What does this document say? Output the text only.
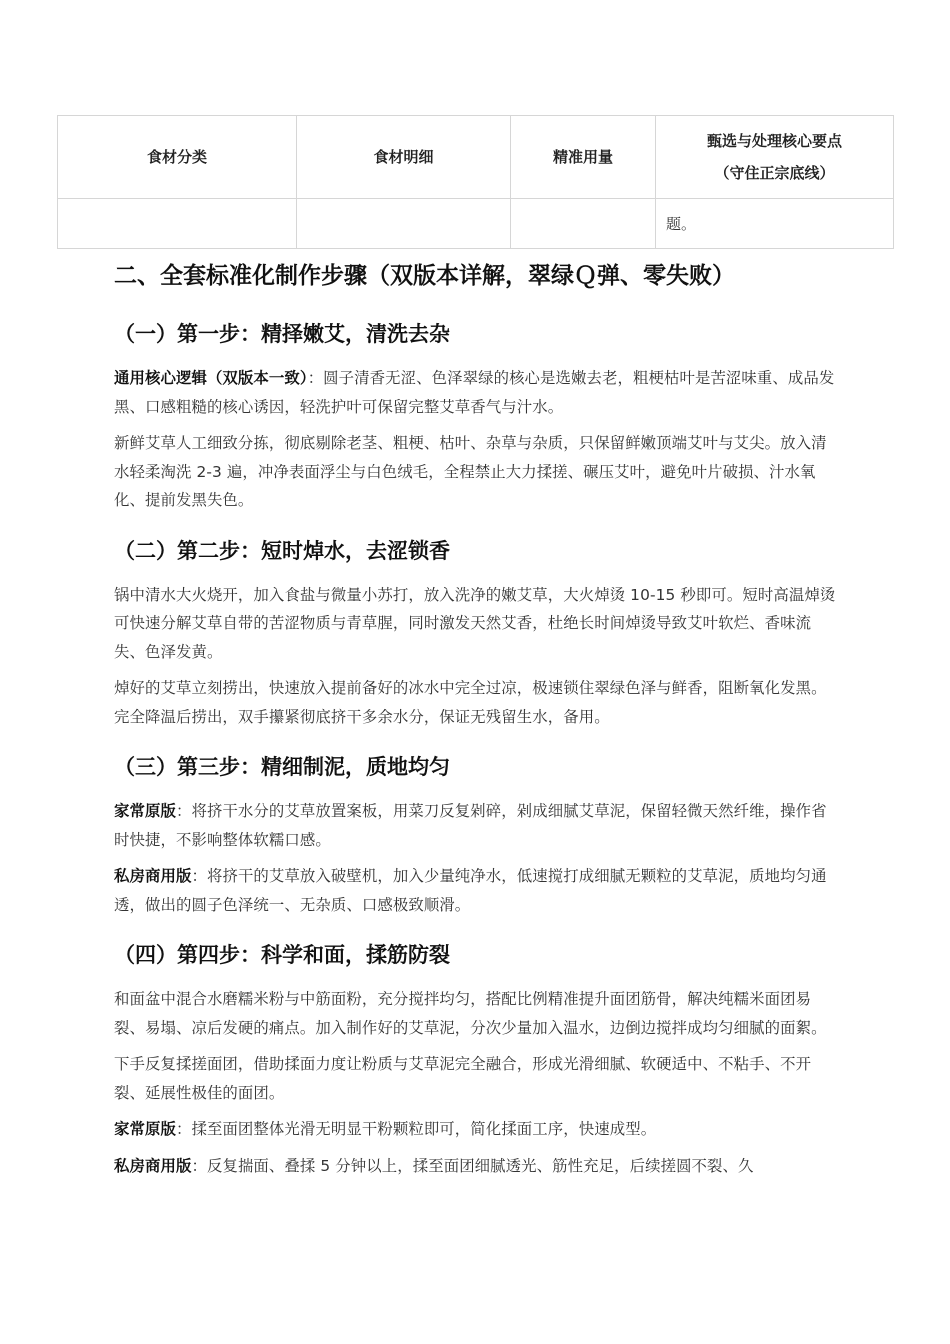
食材分类	食材明细	精准用量	甄选与处理核心要点
（守住正宗底线）
			题。
二、全套标准化制作步骤（双版本详解，翠绿Ｑ弹、零失败）
（一）第一步：精择嫩艾，清洗去杂

通用核心逻辑（双版本一致）：圆子清香无涩、色泽翠绿的核心是选嫩去老，粗梗枯叶是苦涩味重、成品发黑、口感粗糙的核心诱因，轻洗护叶可保留完整艾草香气与汁水。

新鲜艾草人工细致分拣，彻底剔除老茎、粗梗、枯叶、杂草与杂质，只保留鲜嫩顶端艾叶与艾尖。放入清水轻柔淘洗 2-3 遍，冲净表面浮尘与白色绒毛，全程禁止大力揉搓、碾压艾叶，避免叶片破损、汁水氧化、提前发黑失色。

（二）第二步：短时焯水，去涩锁香

锅中清水大火烧开，加入食盐与微量小苏打，放入洗净的嫩艾草，大火焯烫 10-15 秒即可。短时高温焯烫可快速分解艾草自带的苦涩物质与青草腥，同时激发天然艾香，杜绝长时间焯烫导致艾叶软烂、香味流失、色泽发黄。

焯好的艾草立刻捞出，快速放入提前备好的冰水中完全过凉，极速锁住翠绿色泽与鲜香，阻断氧化发黑。完全降温后捞出，双手攥紧彻底挤干多余水分，保证无残留生水，备用。

（三）第三步：精细制泥，质地均匀

家常原版：将挤干水分的艾草放置案板，用菜刀反复剁碎，剁成细腻艾草泥，保留轻微天然纤维，操作省时快捷，不影响整体软糯口感。

私房商用版：将挤干的艾草放入破壁机，加入少量纯净水，低速搅打成细腻无颗粒的艾草泥，质地均匀通透，做出的圆子色泽统一、无杂质、口感极致顺滑。

（四）第四步：科学和面，揉筋防裂

和面盆中混合水磨糯米粉与中筋面粉，充分搅拌均匀，搭配比例精准提升面团筋骨，解决纯糯米面团易裂、易塌、凉后发硬的痛点。加入制作好的艾草泥，分次少量加入温水，边倒边搅拌成均匀细腻的面絮。

下手反复揉搓面团，借助揉面力度让粉质与艾草泥完全融合，形成光滑细腻、软硬适中、不粘手、不开裂、延展性极佳的面团。

家常原版：揉至面团整体光滑无明显干粉颗粒即可，简化揉面工序，快速成型。

私房商用版：反复揣面、叠揉 5 分钟以上，揉至面团细腻透光、筋性充足，后续搓圆不裂、久
